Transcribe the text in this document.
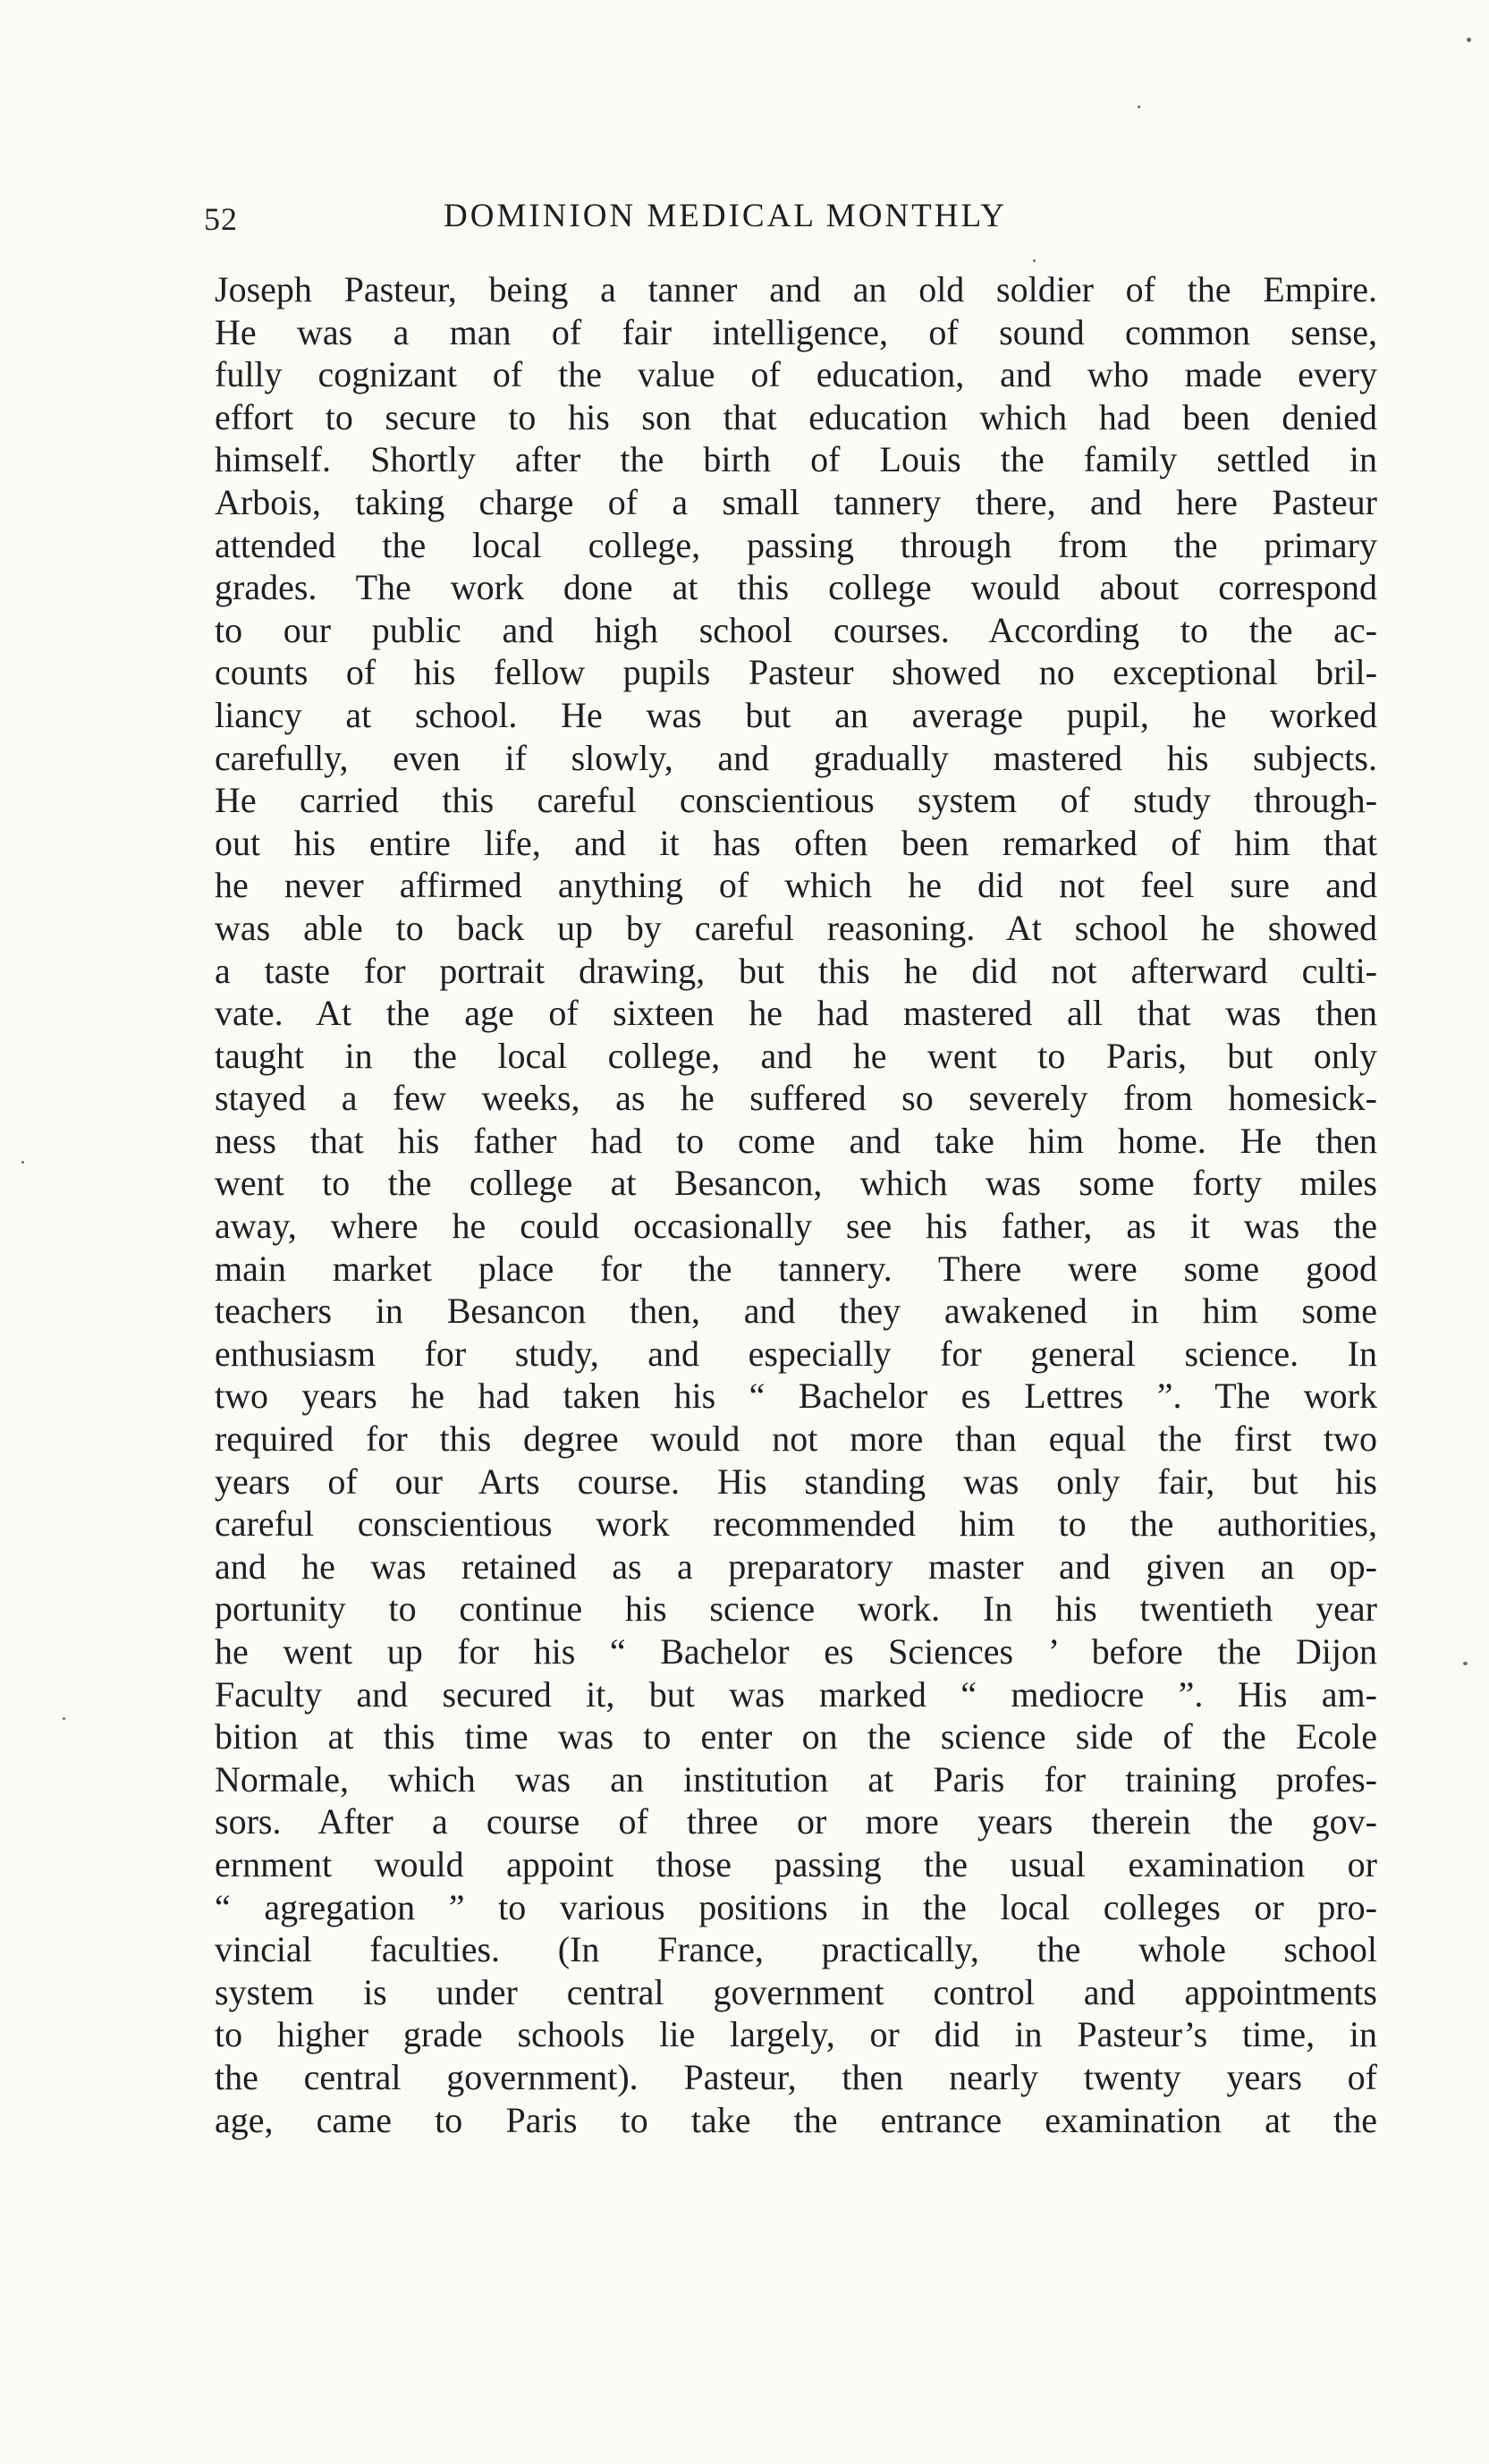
52	DOMINION MEDICAL MONTHLY
Joseph Pasteur, being a tanner and an old soldier of the Empire.
He was a man of fair intelligence, of sound common sense,
fully cognizant of the value of education, and who made every
effort to secure to his son that education which had been denied
himself. Shortly after the birth of Louis the family settled in
Arbois, taking charge of a small tannery there, and here Pasteur
attended the local college, passing through from the primary
grades. The work done at this college would about correspond
to our public and high school courses. According to the ac-
counts of his fellow pupils Pasteur showed no exceptional bril-
liancy at school. He was but an average pupil, he worked
carefully, even if slowly, and gradually mastered his subjects.
He carried this careful conscientious system of study through-
out his entire life, and it has often been remarked of him that
he never affirmed anything of which he did not feel sure and
was able to back up by careful reasoning. At school he showed
a taste for portrait drawing, but this he did not afterward culti-
vate. At the age of sixteen he had mastered all that was then
taught in the local college, and he went to Paris, but only
stayed a few weeks, as he suffered so severely from homesick-
ness that his father had to come and take him home. He then
went to the college at Besancon, which was some forty miles
away, where he could occasionally see his father, as it was the
main market place for the tannery. There were some good
teachers in Besancon then, and they awakened in him some
enthusiasm for study, and especially for general science. In
two years he had taken his “ Bachelor es Lettres ”. The work
required for this degree would not more than equal the first two
years of our Arts course. His standing was only fair, but his
careful conscientious work recommended him to the authorities,
and he was retained as a preparatory master and given an op-
portunity to continue his science work. In his twentieth year
he went up for his “ Bachelor es Sciences ’ before the Dijon
Faculty and secured it, but was marked “ mediocre ”. His am-
bition at this time was to enter on the science side of the Ecole
Normale, which was an institution at Paris for training profes-
sors. After a course of three or more years therein the gov-
ernment would appoint those passing the usual examination or
“ agregation ” to various positions in the local colleges or pro-
vincial faculties. (In France, practically, the whole school
system is under central government control and appointments
to higher grade schools lie largely, or did in Pasteur’s time, in
the central government). Pasteur, then nearly twenty years of
age, came to Paris to take the entrance examination at the
